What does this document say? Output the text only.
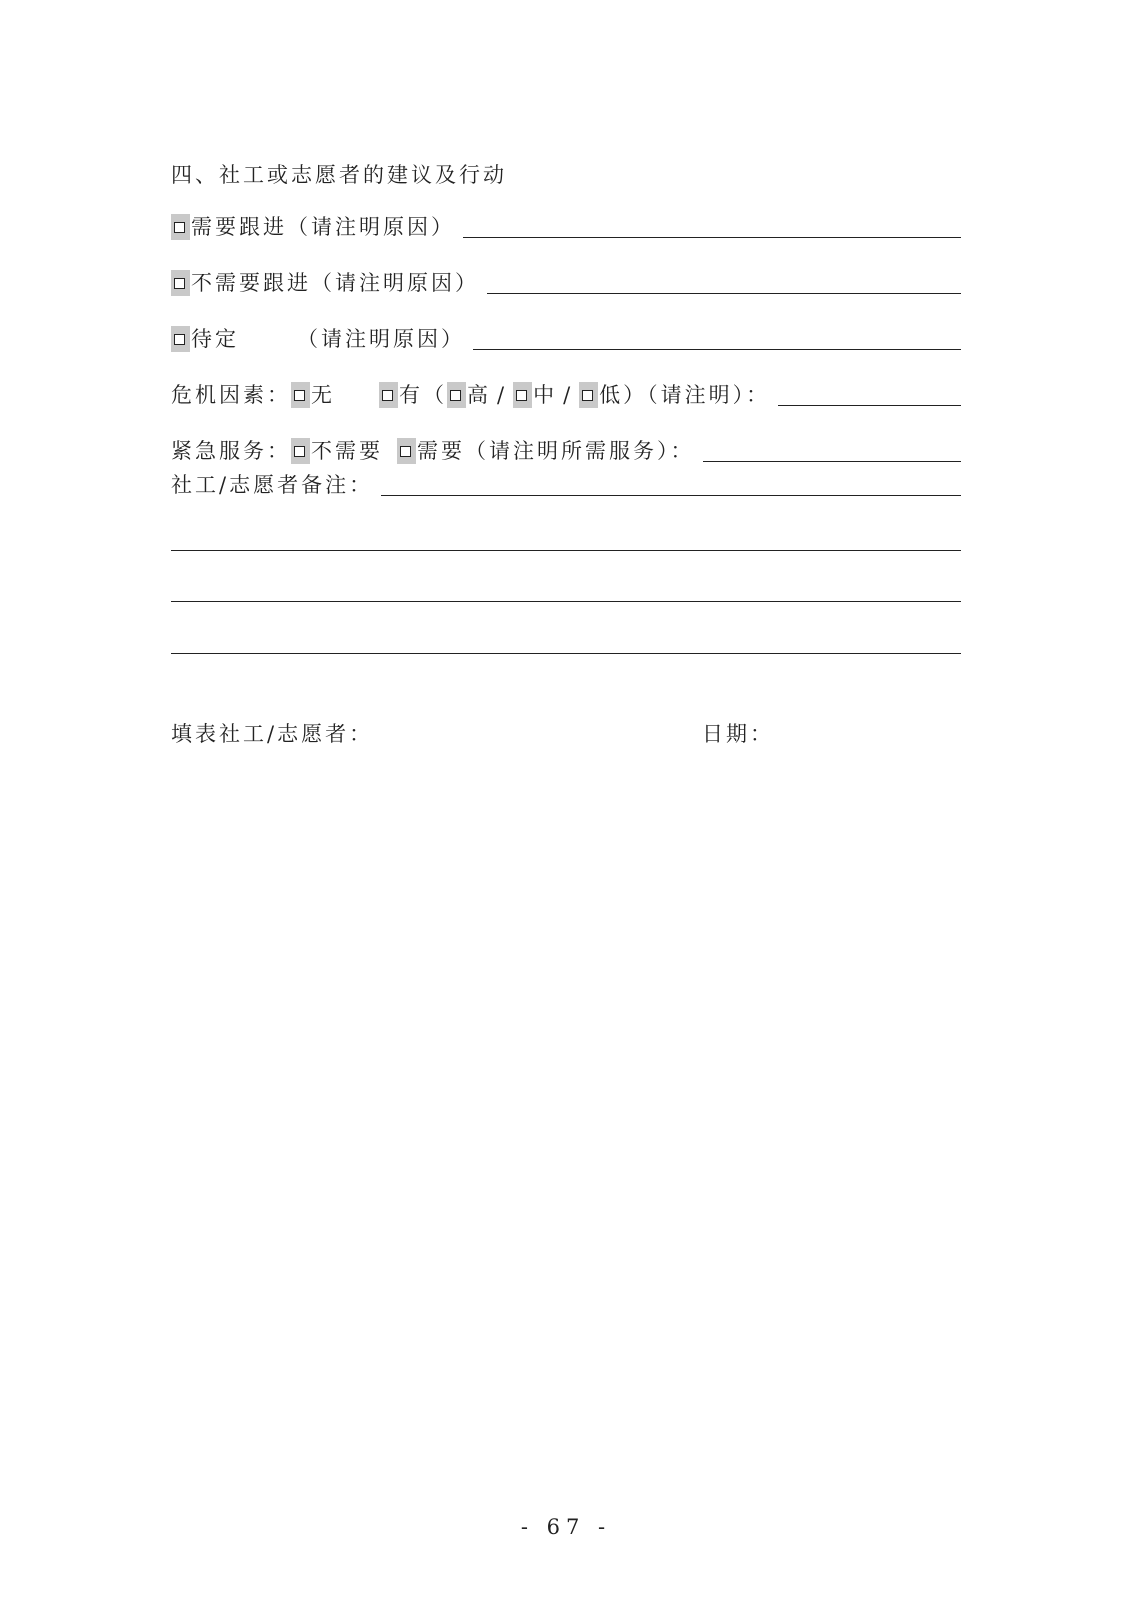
四、社工或志愿者的建议及行动
需要跟进 （请注明原因）
不需要跟进 （请注明原因）
待定	（请注明原因）
危机因素： 无	有（ 高 / 中 / 低 ）（请注明）：
紧急服务： 不需要 需要（请注明所需服务）：
社工/志愿者备注：
填表社工/志愿者：	日期：
- 67 -
